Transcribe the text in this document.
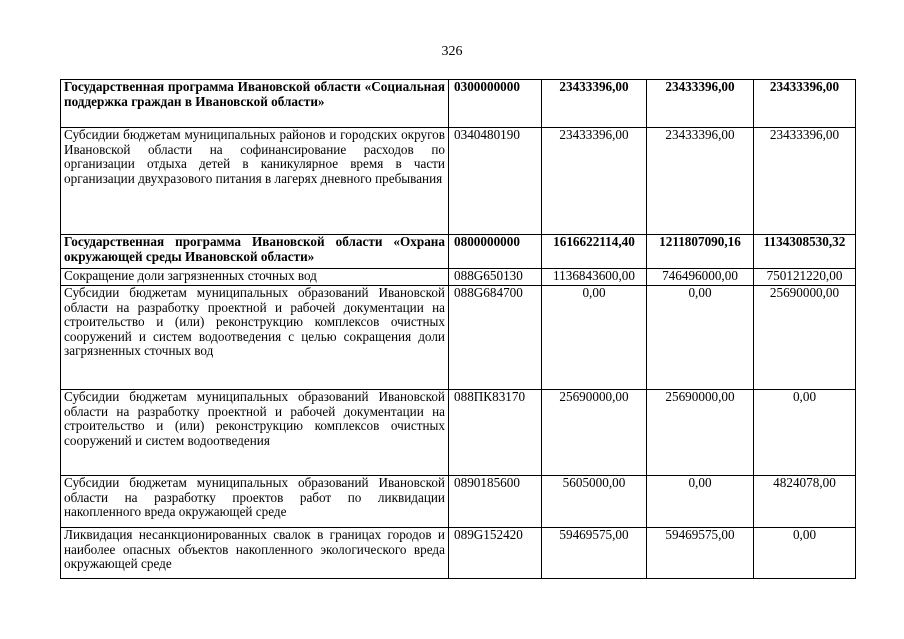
326
Государственная программа Ивановской области «Социальная поддержка граждан в Ивановской области»	0300000000	23433396,00	23433396,00	23433396,00
Субсидии бюджетам муниципальных районов и городских округов Ивановской области на софинансирование расходов по организации отдыха детей в каникулярное время в части организации двухразового питания в лагерях дневного пребывания	0340480190	23433396,00	23433396,00	23433396,00
Государственная программа Ивановской области «Охрана окружающей среды Ивановской области»	0800000000	1616622114,40	1211807090,16	1134308530,32
Сокращение доли загрязненных сточных вод	088G650130	1136843600,00	746496000,00	750121220,00
Субсидии бюджетам муниципальных образований Ивановской области на разработку проектной и рабочей документации на строительство и (или) реконструкцию комплексов очистных сооружений и систем водоотведения с целью сокращения доли загрязненных сточных вод	088G684700	0,00	0,00	25690000,00
Субсидии бюджетам муниципальных образований Ивановской области на разработку проектной и рабочей документации на строительство и (или) реконструкцию комплексов очистных сооружений и систем водоотведения	088ПК83170	25690000,00	25690000,00	0,00
Субсидии бюджетам муниципальных образований Ивановской области на разработку проектов работ по ликвидации накопленного вреда окружающей среде	0890185600	5605000,00	0,00	4824078,00
Ликвидация несанкционированных свалок в границах городов и наиболее опасных объектов накопленного экологического вреда окружающей среде	089G152420	59469575,00	59469575,00	0,00
